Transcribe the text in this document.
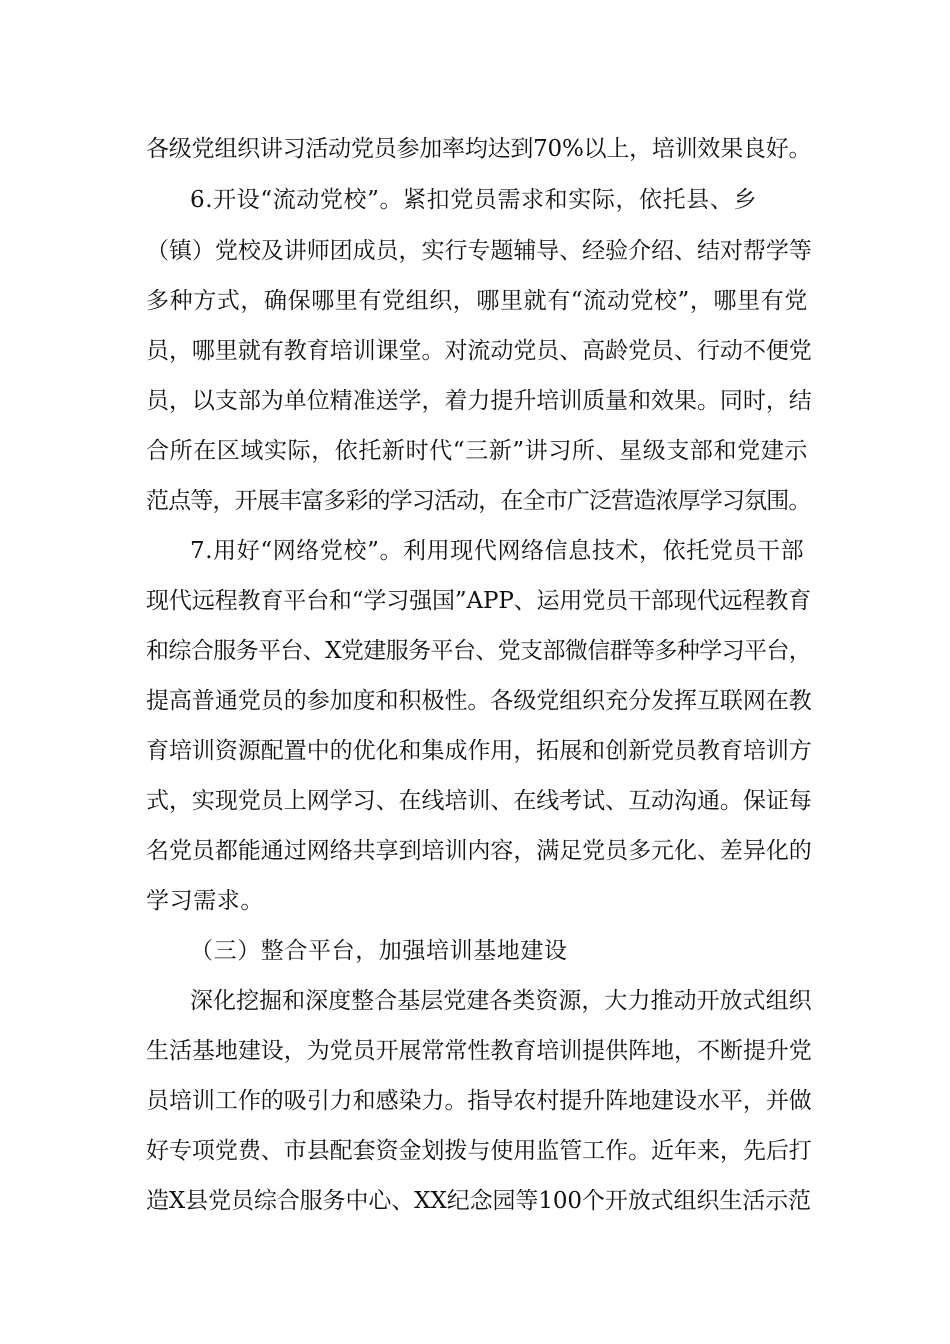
各级党组织讲习活动党员参加率均达到70%以上，培训效果良好。
6.开设“流动党校”。紧扣党员需求和实际，依托县、乡
（镇）党校及讲师团成员，实行专题辅导、经验介绍、结对帮学等
多种方式，确保哪里有党组织，哪里就有“流动党校”，哪里有党
员，哪里就有教育培训课堂。对流动党员、高龄党员、行动不便党
员，以支部为单位精准送学，着力提升培训质量和效果。同时，结
合所在区域实际，依托新时代“三新”讲习所、星级支部和党建示
范点等，开展丰富多彩的学习活动，在全市广泛营造浓厚学习氛围。
7.用好“网络党校”。利用现代网络信息技术，依托党员干部
现代远程教育平台和“学习强国”APP、运用党员干部现代远程教育
和综合服务平台、X党建服务平台、党支部微信群等多种学习平台，
提高普通党员的参加度和积极性。各级党组织充分发挥互联网在教
育培训资源配置中的优化和集成作用，拓展和创新党员教育培训方
式，实现党员上网学习、在线培训、在线考试、互动沟通。保证每
名党员都能通过网络共享到培训内容，满足党员多元化、差异化的
学习需求。
（三）整合平台，加强培训基地建设
深化挖掘和深度整合基层党建各类资源，大力推动开放式组织
生活基地建设，为党员开展常常性教育培训提供阵地，不断提升党
员培训工作的吸引力和感染力。指导农村提升阵地建设水平，并做
好专项党费、市县配套资金划拨与使用监管工作。近年来，先后打
造X县党员综合服务中心、XX纪念园等100个开放式组织生活示范
